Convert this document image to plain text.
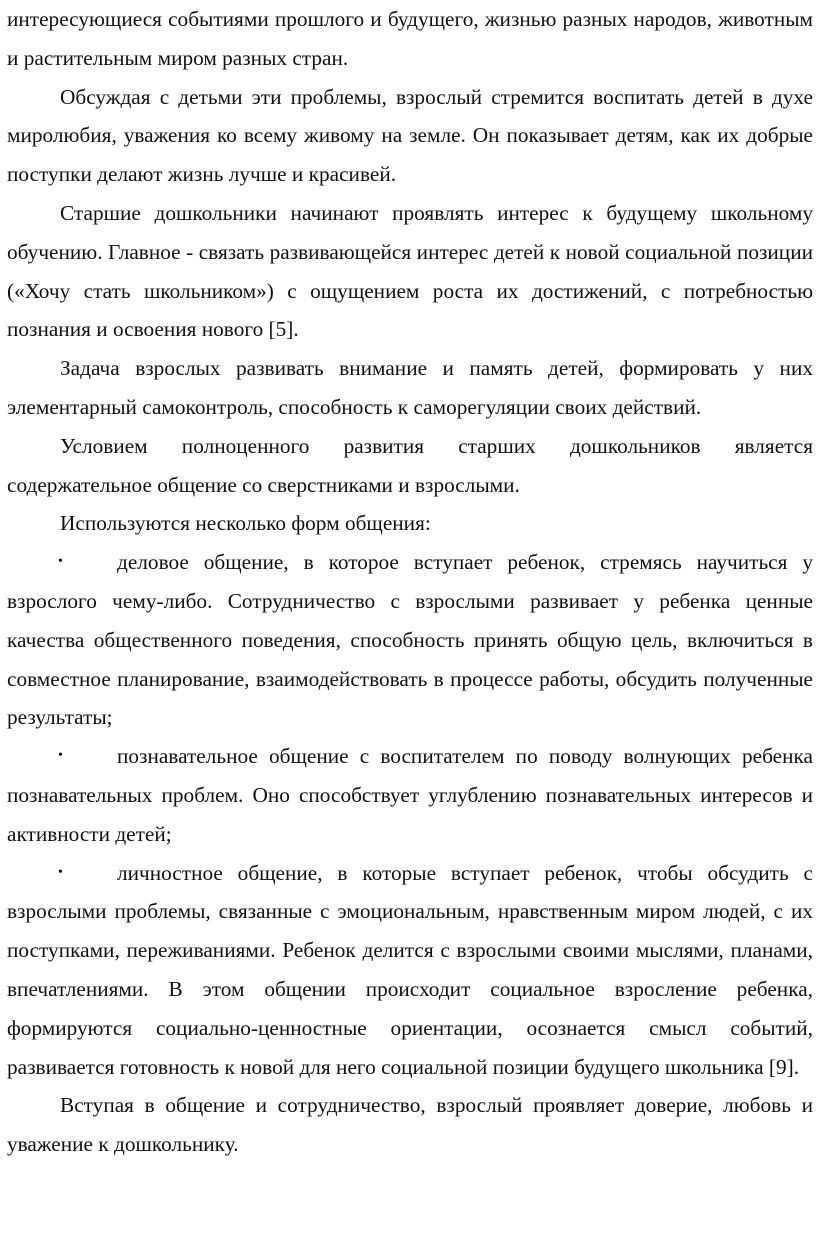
интересующиеся событиями прошлого и будущего, жизнью разных народов, животным и растительным миром разных стран.

Обсуждая с детьми эти проблемы, взрослый стремится воспитать детей в духе миролюбия, уважения ко всему живому на земле. Он показывает детям, как их добрые поступки делают жизнь лучше и красивей.

Старшие дошкольники начинают проявлять интерес к будущему школьному обучению. Главное - связать развивающейся интерес детей к новой социальной позиции («Хочу стать школьником») с ощущением роста их достижений, с потребностью познания и освоения нового [5].

Задача взрослых развивать внимание и память детей, формировать у них элементарный самоконтроль, способность к саморегуляции своих действий.

Условием полноценного развития старших дошкольников является содержательное общение со сверстниками и взрослыми.

Используются несколько форм общения:

•	деловое общение, в которое вступает ребенок, стремясь научиться у взрослого чему-либо. Сотрудничество с взрослыми развивает у ребенка ценные качества общественного поведения, способность принять общую цель, включиться в совместное планирование, взаимодействовать в процессе работы, обсудить полученные результаты;
•	познавательное общение с воспитателем по поводу волнующих ребенка познавательных проблем. Оно способствует углублению познавательных интересов и активности детей;
•	личностное общение, в которые вступает ребенок, чтобы обсудить с взрослыми проблемы, связанные с эмоциональным, нравственным миром людей, с их поступками, переживаниями. Ребенок делится с взрослыми своими мыслями, планами, впечатлениями. В этом общении происходит социальное взросление ребенка, формируются социально-ценностные ориентации, осознается смысл событий, развивается готовность к новой для него социальной позиции будущего школьника [9].

Вступая в общение и сотрудничество, взрослый проявляет доверие, любовь и уважение к дошкольнику.
